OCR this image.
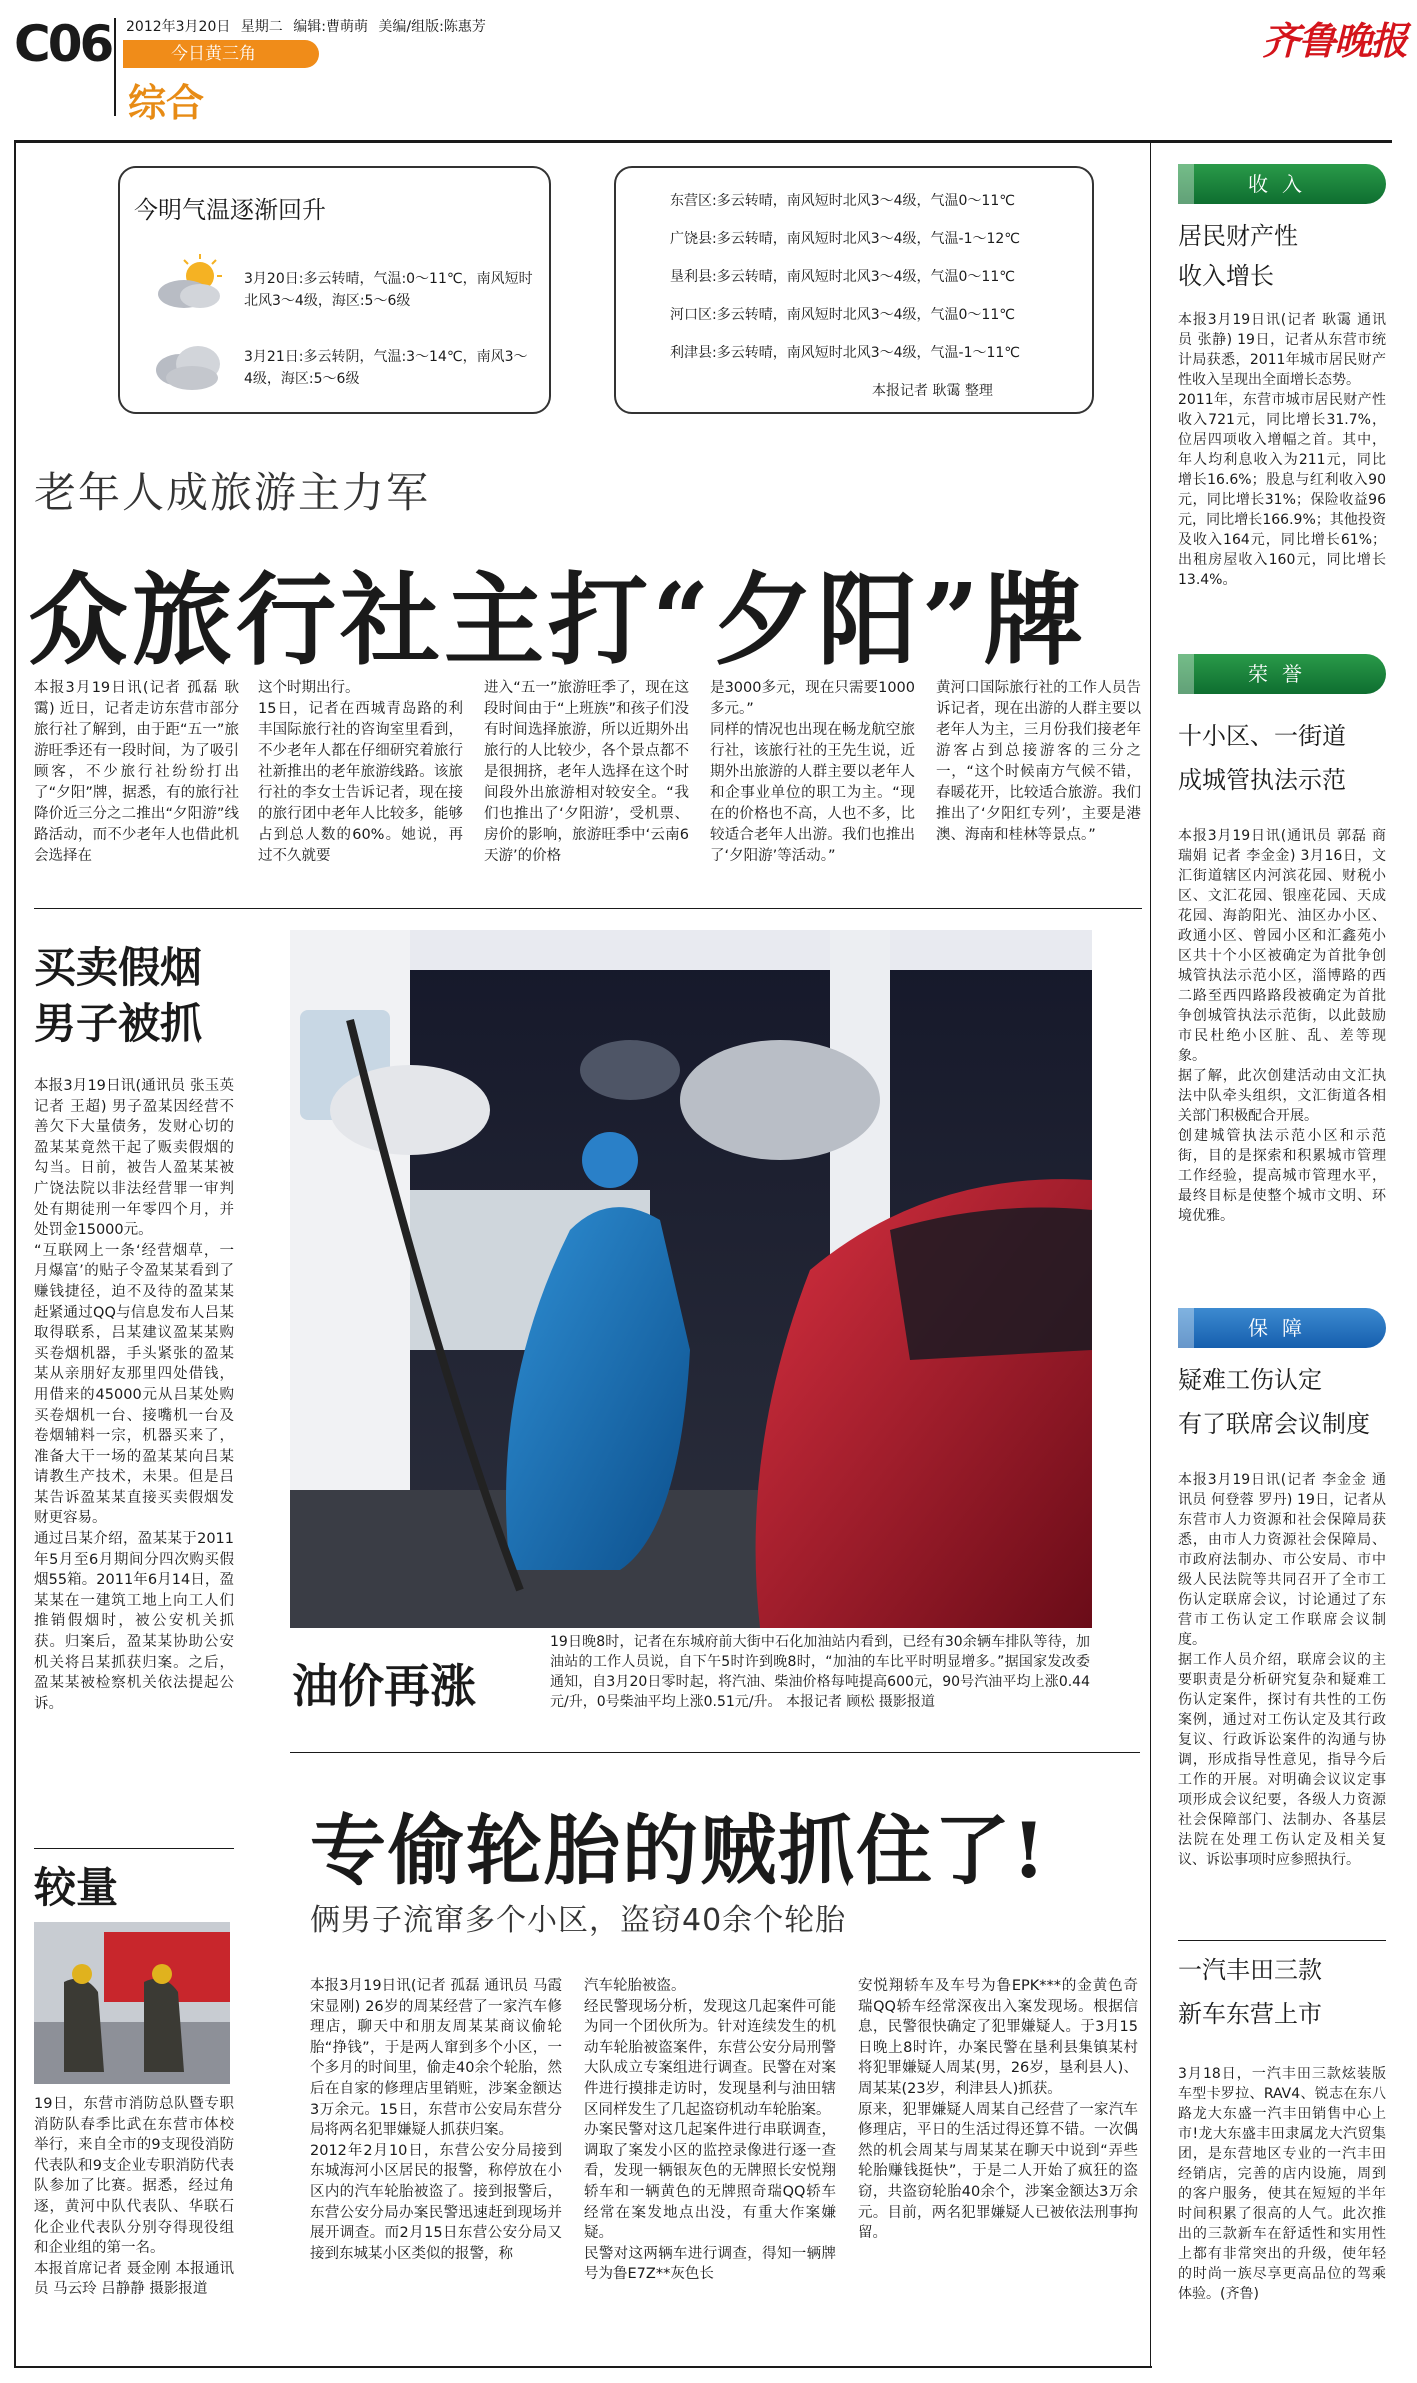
C06 2012年3月20日 星期二 编辑:曹萌萌 美编/组版:陈惠芳
今日黄三角
综合
齐鲁晚报
今明气温逐渐回升
3月20日:多云转晴，气温:0～11℃，南风短时北风3～4级，海区:5～6级
3月21日:多云转阴，气温:3～14℃，南风3～4级，海区:5～6级
东营区:多云转晴，南风短时北风3～4级，气温0～11℃
广饶县:多云转晴，南风短时北风3～4级，气温-1～12℃
垦利县:多云转晴，南风短时北风3～4级，气温0～11℃
河口区:多云转晴，南风短时北风3～4级，气温0～11℃
利津县:多云转晴，南风短时北风3～4级，气温-1～11℃
本报记者 耿霭 整理
老年人成旅游主力军
众旅行社主打“夕阳”牌
本报3月19日讯(记者 孤磊 耿霭) 近日，记者走访东营市部分旅行社了解到，由于距“五一”旅游旺季还有一段时间，为了吸引顾客，不少旅行社纷纷打出了“夕阳”牌，据悉，有的旅行社降价近三分之二推出“夕阳游”线路活动，而不少老年人也借此机会选择在
这个时期出行。
15日，记者在西城青岛路的利丰国际旅行社的咨询室里看到，不少老年人都在仔细研究着旅行社新推出的老年旅游线路。该旅行社的李女士告诉记者，现在接的旅行团中老年人比较多，能够占到总人数的60%。她说，再过不久就要
进入“五一”旅游旺季了，现在这段时间由于“上班族”和孩子们没有时间选择旅游，所以近期外出旅行的人比较少，各个景点都不是很拥挤，老年人选择在这个时间段外出旅游相对较安全。“我们也推出了‘夕阳游’，受机票、房价的影响，旅游旺季中‘云南6天游’的价格
是3000多元，现在只需要1000多元。”
同样的情况也出现在畅龙航空旅行社，该旅行社的王先生说，近期外出旅游的人群主要以老年人和企事业单位的职工为主。“现在的价格也不高，人也不多，比较适合老年人出游。我们也推出了‘夕阳游’等活动。”
黄河口国际旅行社的工作人员告诉记者，现在出游的人群主要以老年人为主，三月份我们接老年游客占到总接游客的三分之一，“这个时候南方气候不错，春暖花开，比较适合旅游。我们推出了‘夕阳红专列’，主要是港澳、海南和桂林等景点。”
买卖假烟
男子被抓
本报3月19日讯(通讯员 张玉英 记者 王超) 男子盈某因经营不善欠下大量债务，发财心切的盈某某竟然干起了贩卖假烟的勾当。日前，被告人盈某某被广饶法院以非法经营罪一审判处有期徒刑一年零四个月，并处罚金15000元。
“互联网上一条‘经营烟草，一月爆富’的贴子令盈某某看到了赚钱捷径，迫不及待的盈某某赶紧通过QQ与信息发布人吕某取得联系，吕某建议盈某某购买卷烟机器，手头紧张的盈某某从亲朋好友那里四处借钱，用借来的45000元从吕某处购买卷烟机一台、接嘴机一台及卷烟辅料一宗，机器买来了，准备大干一场的盈某某向吕某请教生产技术，未果。但是吕某告诉盈某某直接买卖假烟发财更容易。
通过吕某介绍，盈某某于2011年5月至6月期间分四次购买假烟55箱。2011年6月14日，盈某某在一建筑工地上向工人们推销假烟时，被公安机关抓获。归案后，盈某某协助公安机关将吕某抓获归案。之后，盈某某被检察机关依法提起公诉。
19日晚8时，记者在东城府前大街中石化加油站内看到，已经有30余辆车排队等待，加油站的工作人员说，自下午5时许到晚8时，“加油的车比平时明显增多。”据国家发改委通知，自3月20日零时起，将汽油、柴油价格每吨提高600元，90号汽油平均上涨0.44元/升，0号柴油平均上涨0.51元/升。 本报记者 顾松 摄影报道
油价再涨
专偷轮胎的贼抓住了!
俩男子流窜多个小区，盗窃40余个轮胎
本报3月19日讯(记者 孤磊 通讯员 马霞 宋显刚) 26岁的周某经营了一家汽车修理店，聊天中和朋友周某某商议偷轮胎“挣钱”，于是两人窜到多个小区，一个多月的时间里，偷走40余个轮胎，然后在自家的修理店里销赃，涉案金额达3万余元。15日，东营市公安局东营分局将两名犯罪嫌疑人抓获归案。
2012年2月10日，东营公安分局接到东城海河小区居民的报警，称停放在小区内的汽车轮胎被盗了。接到报警后，东营公安分局办案民警迅速赶到现场并展开调查。而2月15日东营公安分局又接到东城某小区类似的报警，称
汽车轮胎被盗。
经民警现场分析，发现这几起案件可能为同一个团伙所为。针对连续发生的机动车轮胎被盗案件，东营公安分局刑警大队成立专案组进行调查。民警在对案件进行摸排走访时，发现垦利与油田辖区同样发生了几起盗窃机动车轮胎案。
办案民警对这几起案件进行串联调查，调取了案发小区的监控录像进行逐一查看，发现一辆银灰色的无牌照长安悦翔轿车和一辆黄色的无牌照奇瑞QQ轿车经常在案发地点出没，有重大作案嫌疑。
民警对这两辆车进行调查，得知一辆牌号为鲁E7Z**灰色长
安悦翔轿车及车号为鲁EPK***的金黄色奇瑞QQ轿车经常深夜出入案发现场。根据信息，民警很快确定了犯罪嫌疑人。于3月15日晚上8时许，办案民警在垦利县集镇某村将犯罪嫌疑人周某(男，26岁，垦利县人)、周某某(23岁，利津县人)抓获。
原来，犯罪嫌疑人周某自己经营了一家汽车修理店，平日的生活过得还算不错。一次偶然的机会周某与周某某在聊天中说到“弄些轮胎赚钱挺快”，于是二人开始了疯狂的盗窃，共盗窃轮胎40余个，涉案金额达3万余元。目前，两名犯罪嫌疑人已被依法刑事拘留。
较量
19日，东营市消防总队暨专职消防队春季比武在东营市体校举行，来自全市的9支现役消防代表队和9支企业专职消防代表队参加了比赛。据悉，经过角逐，黄河中队代表队、华联石化企业代表队分别夺得现役组和企业组的第一名。
本报首席记者 聂金刚 本报通讯员 马云玲 吕静静 摄影报道
收入
居民财产性
收入增长
本报3月19日讯(记者 耿霭 通讯员 张静) 19日，记者从东营市统计局获悉，2011年城市居民财产性收入呈现出全面增长态势。
2011年，东营市城市居民财产性收入721元，同比增长31.7%，位居四项收入增幅之首。其中，年人均利息收入为211元，同比增长16.6%；股息与红利收入90元，同比增长31%；保险收益96元，同比增长166.9%；其他投资及收入164元，同比增长61%；出租房屋收入160元，同比增长13.4%。
荣誉
十小区、一街道
成城管执法示范
本报3月19日讯(通讯员 郭磊 商瑞娟 记者 李金金) 3月16日，文汇街道辖区内河滨花园、财税小区、文汇花园、银座花园、天成花园、海韵阳光、油区办小区、政通小区、曾园小区和汇鑫苑小区共十个小区被确定为首批争创城管执法示范小区，淄博路的西二路至西四路路段被确定为首批争创城管执法示范街，以此鼓励市民杜绝小区脏、乱、差等现象。
据了解，此次创建活动由文汇执法中队牵头组织，文汇街道各相关部门积极配合开展。
创建城管执法示范小区和示范街，目的是探索和积累城市管理工作经验，提高城市管理水平，最终目标是使整个城市文明、环境优雅。
保障
疑难工伤认定
有了联席会议制度
本报3月19日讯(记者 李金金 通讯员 何登蓉 罗丹) 19日，记者从东营市人力资源和社会保障局获悉，由市人力资源社会保障局、市政府法制办、市公安局、市中级人民法院等共同召开了全市工伤认定联席会议，讨论通过了东营市工伤认定工作联席会议制度。
据工作人员介绍，联席会议的主要职责是分析研究复杂和疑难工伤认定案件，探讨有共性的工伤案例，通过对工伤认定及其行政复议、行政诉讼案件的沟通与协调，形成指导性意见，指导今后工作的开展。对明确会议议定事项形成会议纪要，各级人力资源社会保障部门、法制办、各基层法院在处理工伤认定及相关复议、诉讼事项时应参照执行。
一汽丰田三款
新车东营上市
3月18日，一汽丰田三款炫装版车型卡罗拉、RAV4、锐志在东八路龙大东盛一汽丰田销售中心上市!龙大东盛丰田隶属龙大汽贸集团，是东营地区专业的一汽丰田经销店，完善的店内设施，周到的客户服务，使其在短短的半年时间积累了很高的人气。此次推出的三款新车在舒适性和实用性上都有非常突出的升级，使年轻的时尚一族尽享更高品位的驾乘体验。(齐鲁)
